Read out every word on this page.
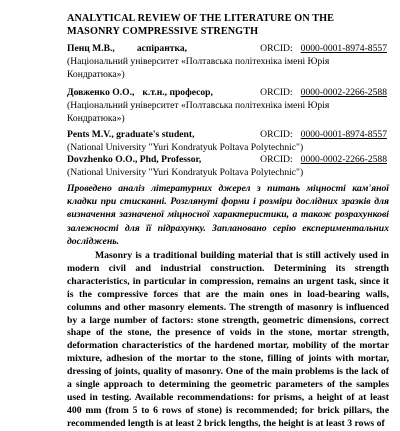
ANALYTICAL REVIEW OF THE LITERATURE ON THE MASONRY COMPRESSIVE STRENGTH
Пенц М.В., аспірантка,	ORCID: 0000-0001-8974-8557
(Національний університет «Полтавська політехніка імені Юрія Кондратюка»)
Довженко О.О., к.т.н., професор,	ORCID: 0000-0002-2266-2588
(Національний університет «Полтавська політехніка імені Юрія Кондратюка»)
Pents M.V., graduate's student,	ORCID: 0000-0001-8974-8557
(National University "Yuri Kondratyuk Poltava Polytechnic")
Dovzhenko O.O., Phd, Professor,	ORCID: 0000-0002-2266-2588
(National University "Yuri Kondratyuk Poltava Polytechnic")
Проведено аналіз літературних джерел з питань міцності кам'яної кладки при стисканні. Розглянуті форми і розміри дослідних зразків для визначення зазначеної міцносної характеристики, а також розрахункові залежності для її підрахунку. Заплановано серію експериментальних досліджень.
Masonry is a traditional building material that is still actively used in modern civil and industrial construction. Determining its strength characteristics, in particular in compression, remains an urgent task, since it is the compressive forces that are the main ones in load-bearing walls, columns and other masonry elements. The strength of masonry is influenced by a large number of factors: stone strength, geometric dimensions, correct shape of the stone, the presence of voids in the stone, mortar strength, deformation characteristics of the hardened mortar, mobility of the mortar mixture, adhesion of the mortar to the stone, filling of joints with mortar, dressing of joints, quality of masonry. One of the main problems is the lack of a single approach to determining the geometric parameters of the samples used in testing. Available recommendations: for prisms, a height of at least 400 mm (from 5 to 6 rows of stone) is recommended; for brick pillars, the recommended length is at least 2 brick lengths, the height is at least 3 rows of
